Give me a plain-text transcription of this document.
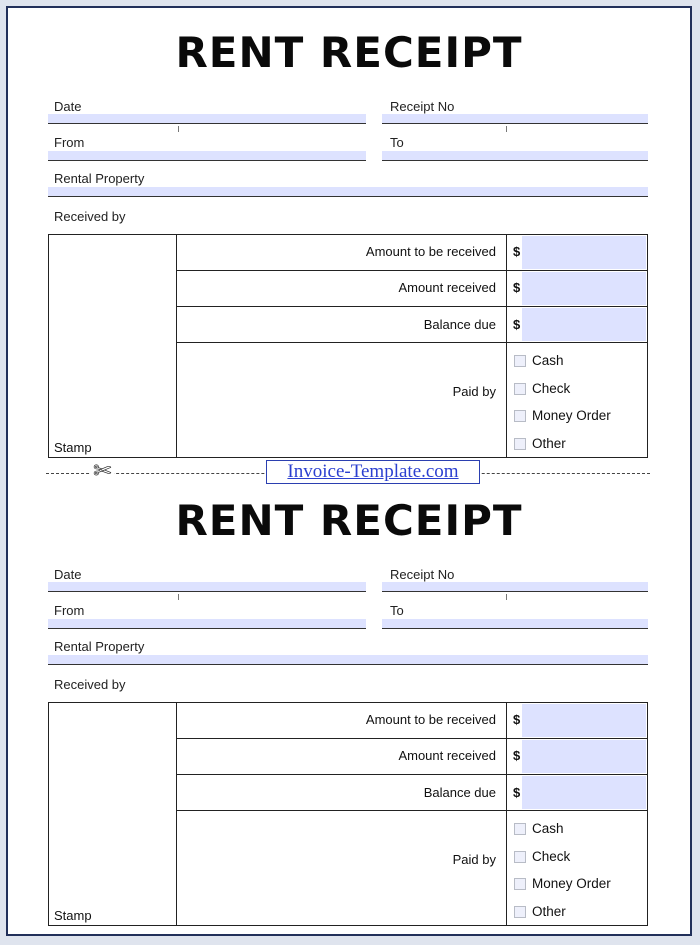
RENT RECEIPT
Date	Receipt No
From	To
Rental Property
Received by
Amount to be received $
Amount received $
Balance due $
Paid by
Cash
Check
Money Order
Other
Stamp
✄	Invoice-Template.com
RENT RECEIPT
Date	Receipt No
From	To
Rental Property
Received by
Amount to be received $
Amount received $
Balance due $
Paid by
Cash
Check
Money Order
Other
Stamp
